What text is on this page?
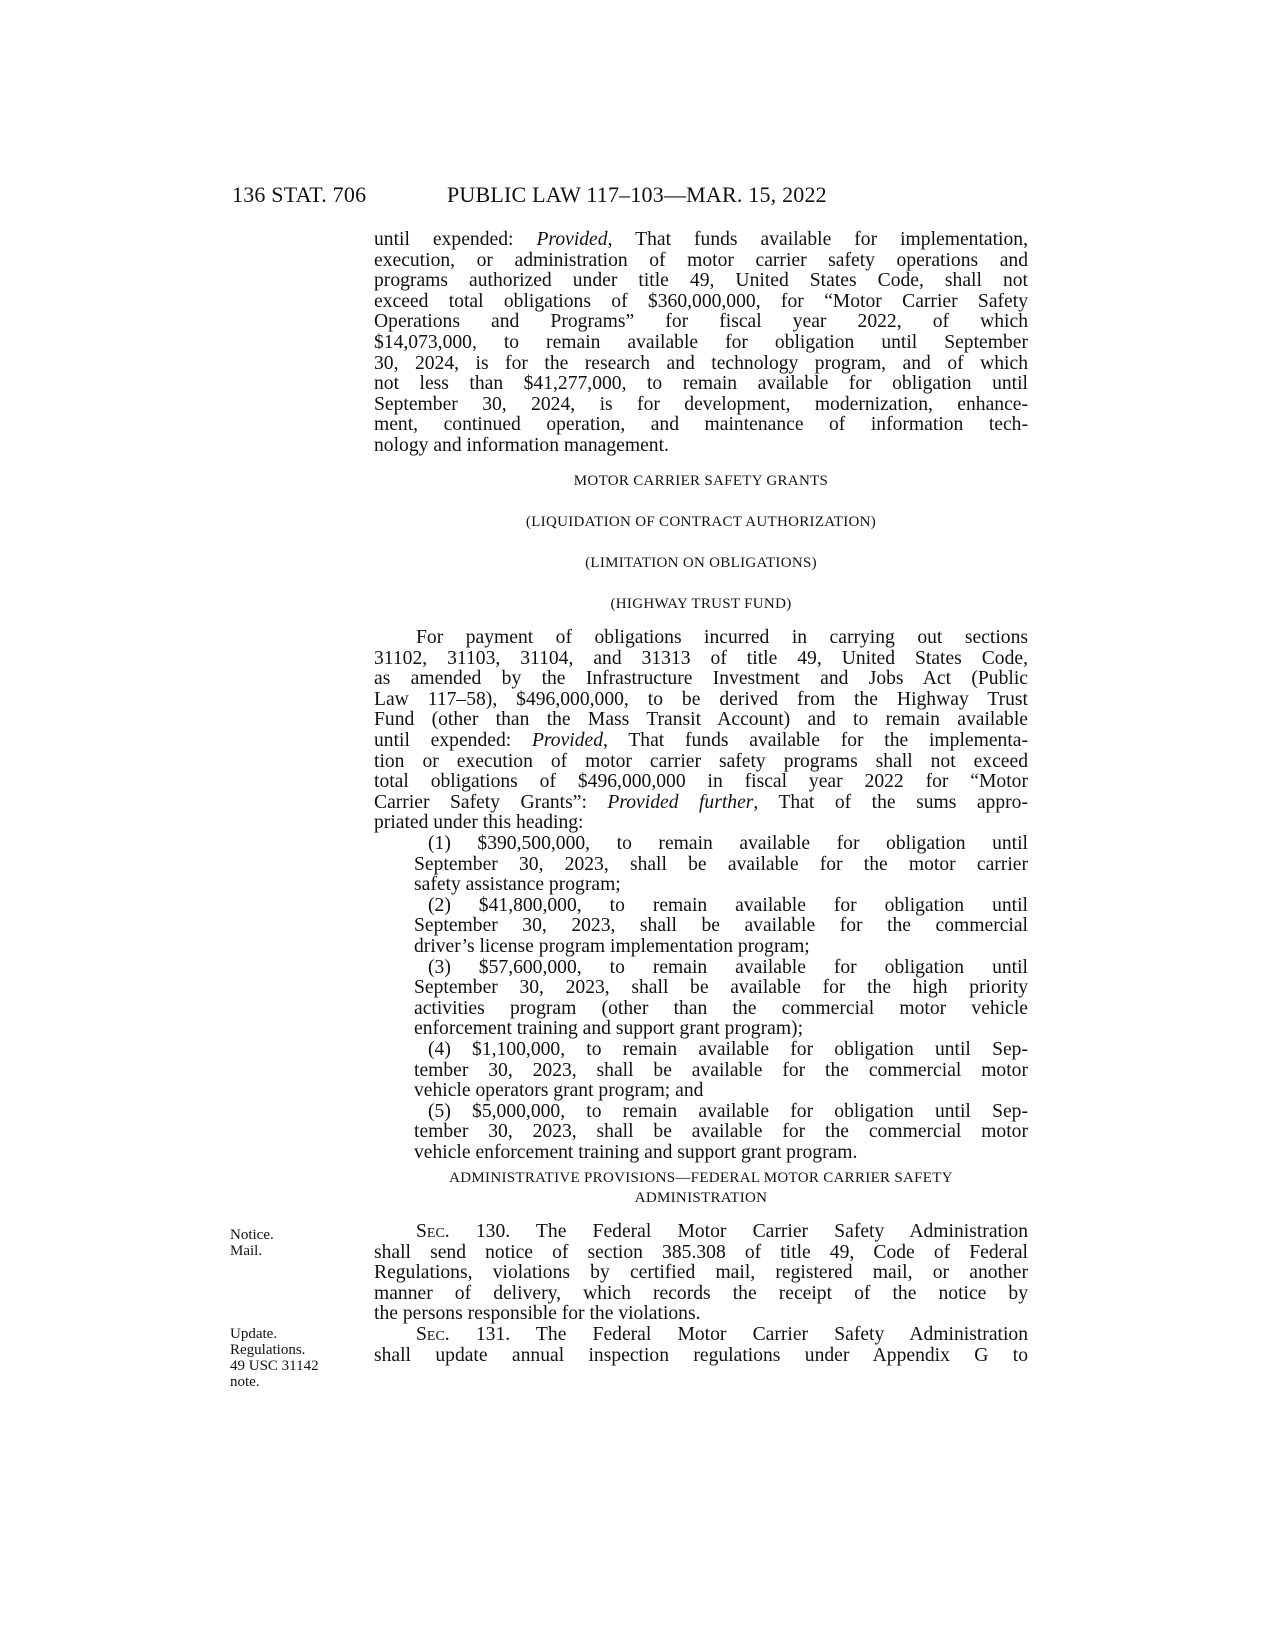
136 STAT. 706	PUBLIC LAW 117–103—MAR. 15, 2022

until expended: Provided, That funds available for implementation,
execution, or administration of motor carrier safety operations and
programs authorized under title 49, United States Code, shall not
exceed total obligations of $360,000,000, for “Motor Carrier Safety
Operations and Programs” for fiscal year 2022, of which
$14,073,000, to remain available for obligation until September
30, 2024, is for the research and technology program, and of which
not less than $41,277,000, to remain available for obligation until
September 30, 2024, is for development, modernization, enhance-
ment, continued operation, and maintenance of information tech-
nology and information management.

MOTOR CARRIER SAFETY GRANTS
(LIQUIDATION OF CONTRACT AUTHORIZATION)
(LIMITATION ON OBLIGATIONS)
(HIGHWAY TRUST FUND)

For payment of obligations incurred in carrying out sections
31102, 31103, 31104, and 31313 of title 49, United States Code,
as amended by the Infrastructure Investment and Jobs Act (Public
Law 117–58), $496,000,000, to be derived from the Highway Trust
Fund (other than the Mass Transit Account) and to remain available
until expended: Provided, That funds available for the implementa-
tion or execution of motor carrier safety programs shall not exceed
total obligations of $496,000,000 in fiscal year 2022 for “Motor
Carrier Safety Grants”: Provided further, That of the sums appro-
priated under this heading:

(1) $390,500,000, to remain available for obligation until
September 30, 2023, shall be available for the motor carrier
safety assistance program;
(2) $41,800,000, to remain available for obligation until
September 30, 2023, shall be available for the commercial
driver’s license program implementation program;
(3) $57,600,000, to remain available for obligation until
September 30, 2023, shall be available for the high priority
activities program (other than the commercial motor vehicle
enforcement training and support grant program);
(4) $1,100,000, to remain available for obligation until Sep-
tember 30, 2023, shall be available for the commercial motor
vehicle operators grant program; and
(5) $5,000,000, to remain available for obligation until Sep-
tember 30, 2023, shall be available for the commercial motor
vehicle enforcement training and support grant program.
ADMINISTRATIVE PROVISIONS—FEDERAL MOTOR CARRIER SAFETY
ADMINISTRATION
Notice.
Mail.
Update.
Regulations.
49 USC 31142
note.

Sec. 130. The Federal Motor Carrier Safety Administration
shall send notice of section 385.308 of title 49, Code of Federal
Regulations, violations by certified mail, registered mail, or another
manner of delivery, which records the receipt of the notice by
the persons responsible for the violations.

Sec. 131. The Federal Motor Carrier Safety Administration
shall update annual inspection regulations under Appendix G to
